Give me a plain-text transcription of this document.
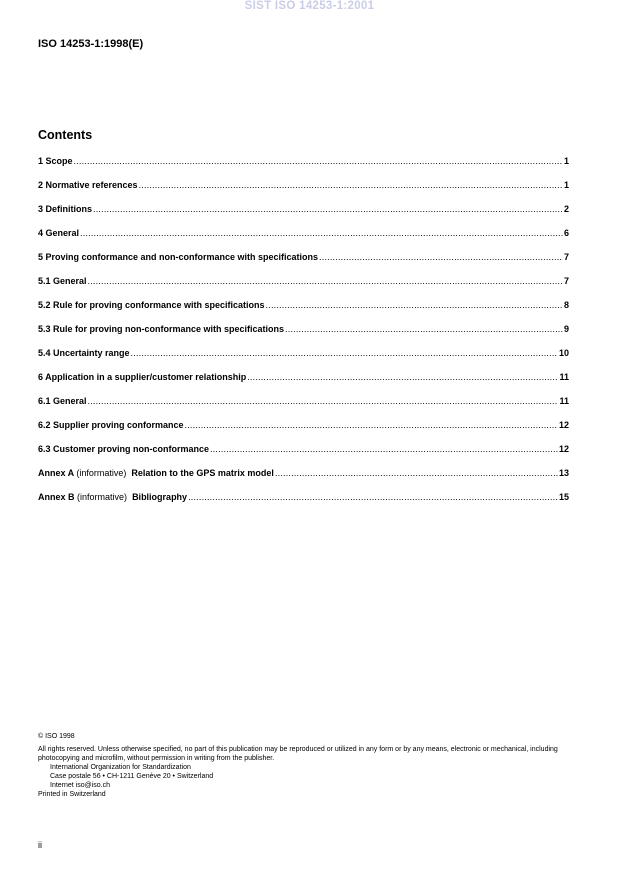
SIST ISO 14253-1:2001
ISO 14253-1:1998(E)
Contents
1 Scope .....	1
2 Normative references .....	1
3 Definitions .....	2
4 General .....	6
5 Proving conformance and non-conformance with specifications .....	7
5.1 General .....	7
5.2 Rule for proving conformance with specifications .....	8
5.3 Rule for proving non-conformance with specifications .....	9
5.4 Uncertainty range .....	10
6 Application in a supplier/customer relationship .....	11
6.1 General .....	11
6.2 Supplier proving conformance .....	12
6.3 Customer proving non-conformance .....	12
Annex A (informative) Relation to the GPS matrix model .....	13
Annex B (informative) Bibliography .....	15
© ISO 1998
All rights reserved. Unless otherwise specified, no part of this publication may be reproduced or utilized in any form or by any means, electronic or mechanical, including photocopying and microfilm, without permission in writing from the publisher.
International Organization for Standardization
Case postale 56 • CH-1211 Genève 20 • Switzerland
Internet iso@iso.ch
Printed in Switzerland
ii
